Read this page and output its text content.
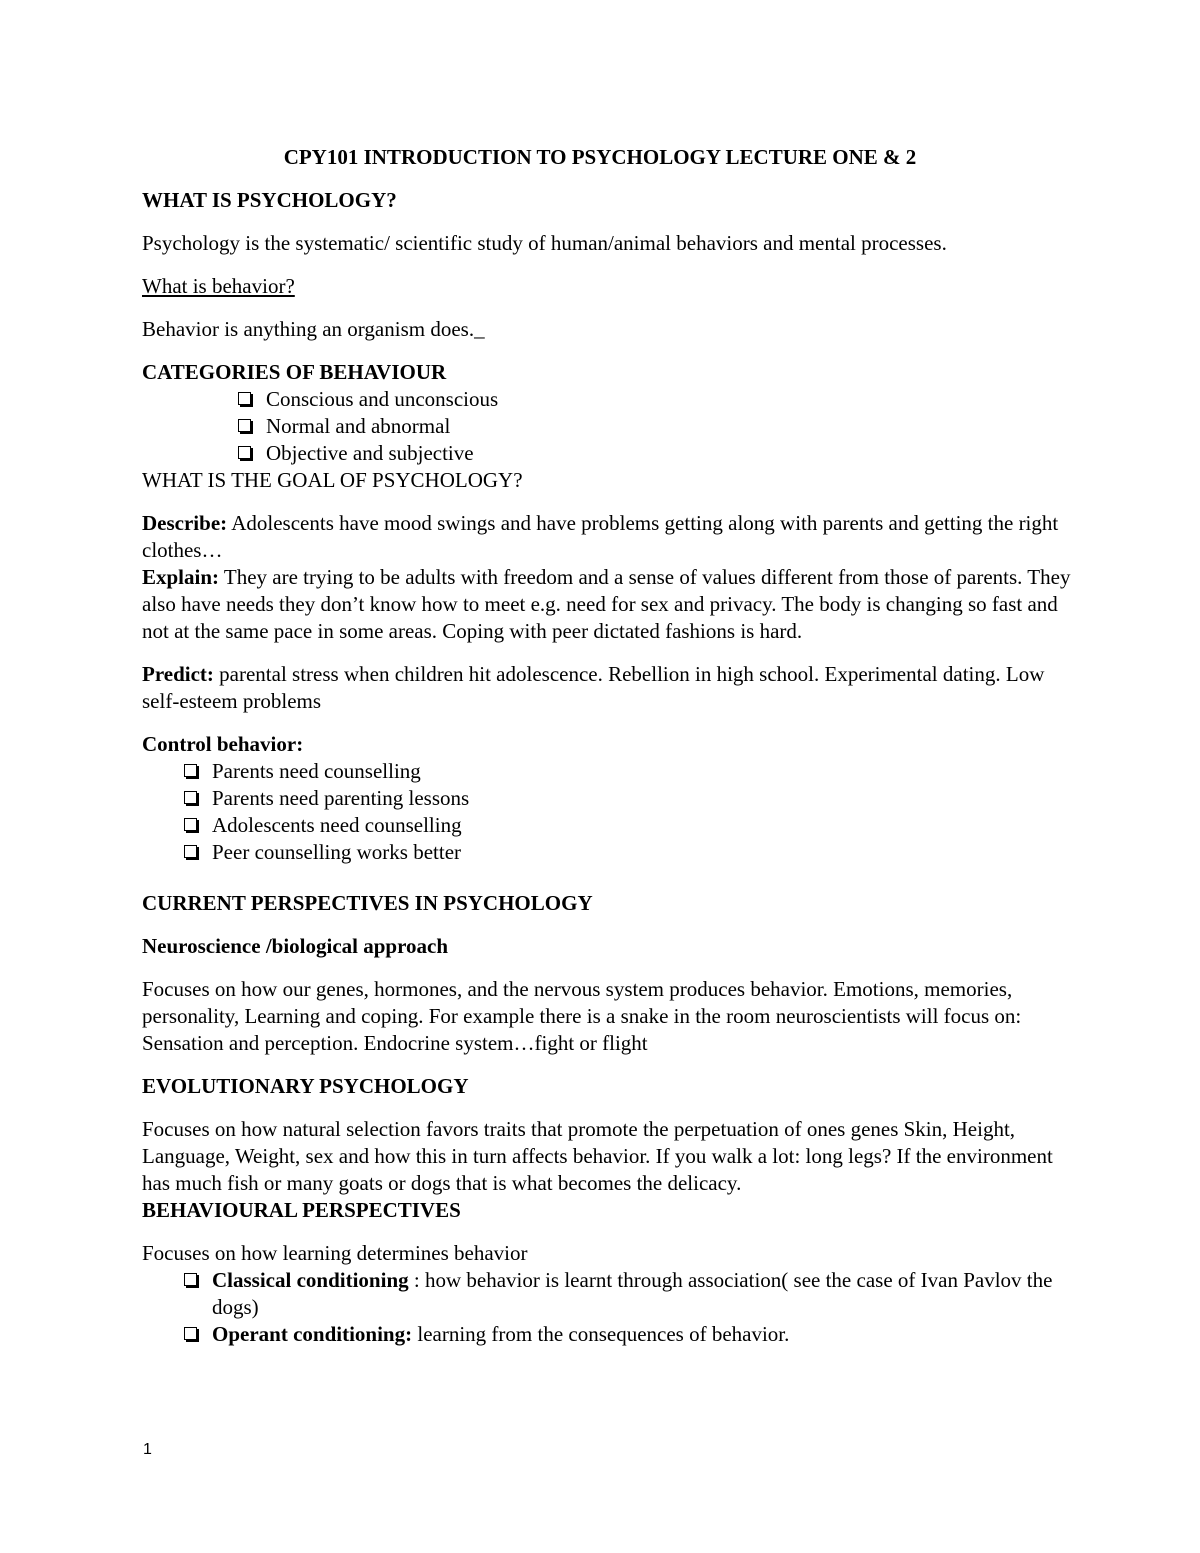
CPY101 INTRODUCTION TO PSYCHOLOGY LECTURE ONE & 2

WHAT IS PSYCHOLOGY?

Psychology is the systematic/ scientific study of human/animal behaviors and mental processes.

What is behavior?

Behavior is anything an organism does._

CATEGORIES OF BEHAVIOUR

Conscious and unconscious
Normal and abnormal
Objective and subjective

WHAT IS THE GOAL OF PSYCHOLOGY?

Describe: Adolescents have mood swings and have problems getting along with parents and getting the right clothes…

Explain: They are trying to be adults with freedom and a sense of values different from those of parents. They also have needs they don’t know how to meet e.g. need for sex and privacy. The body is changing so fast and not at the same pace in some areas. Coping with peer dictated fashions is hard.

Predict: parental stress when children hit adolescence. Rebellion in high school. Experimental dating. Low self-esteem problems

Control behavior:

Parents need counselling
Parents need parenting lessons
Adolescents need counselling
Peer counselling works better

CURRENT PERSPECTIVES IN PSYCHOLOGY

Neuroscience /biological approach

Focuses on how our genes, hormones, and the nervous system produces behavior. Emotions, memories, personality, Learning and coping. For example there is a snake in the room neuroscientists will focus on: Sensation and perception. Endocrine system…fight or flight

EVOLUTIONARY PSYCHOLOGY

Focuses on how natural selection favors traits that promote the perpetuation of ones genes Skin, Height, Language, Weight, sex and how this in turn affects behavior. If you walk a lot: long legs? If the environment has much fish or many goats or dogs that is what becomes the delicacy.

BEHAVIOURAL PERSPECTIVES

Focuses on how learning determines behavior

Classical conditioning : how behavior is learnt through association( see the case of Ivan Pavlov the dogs)
Operant conditioning: learning from the consequences of behavior.
1
